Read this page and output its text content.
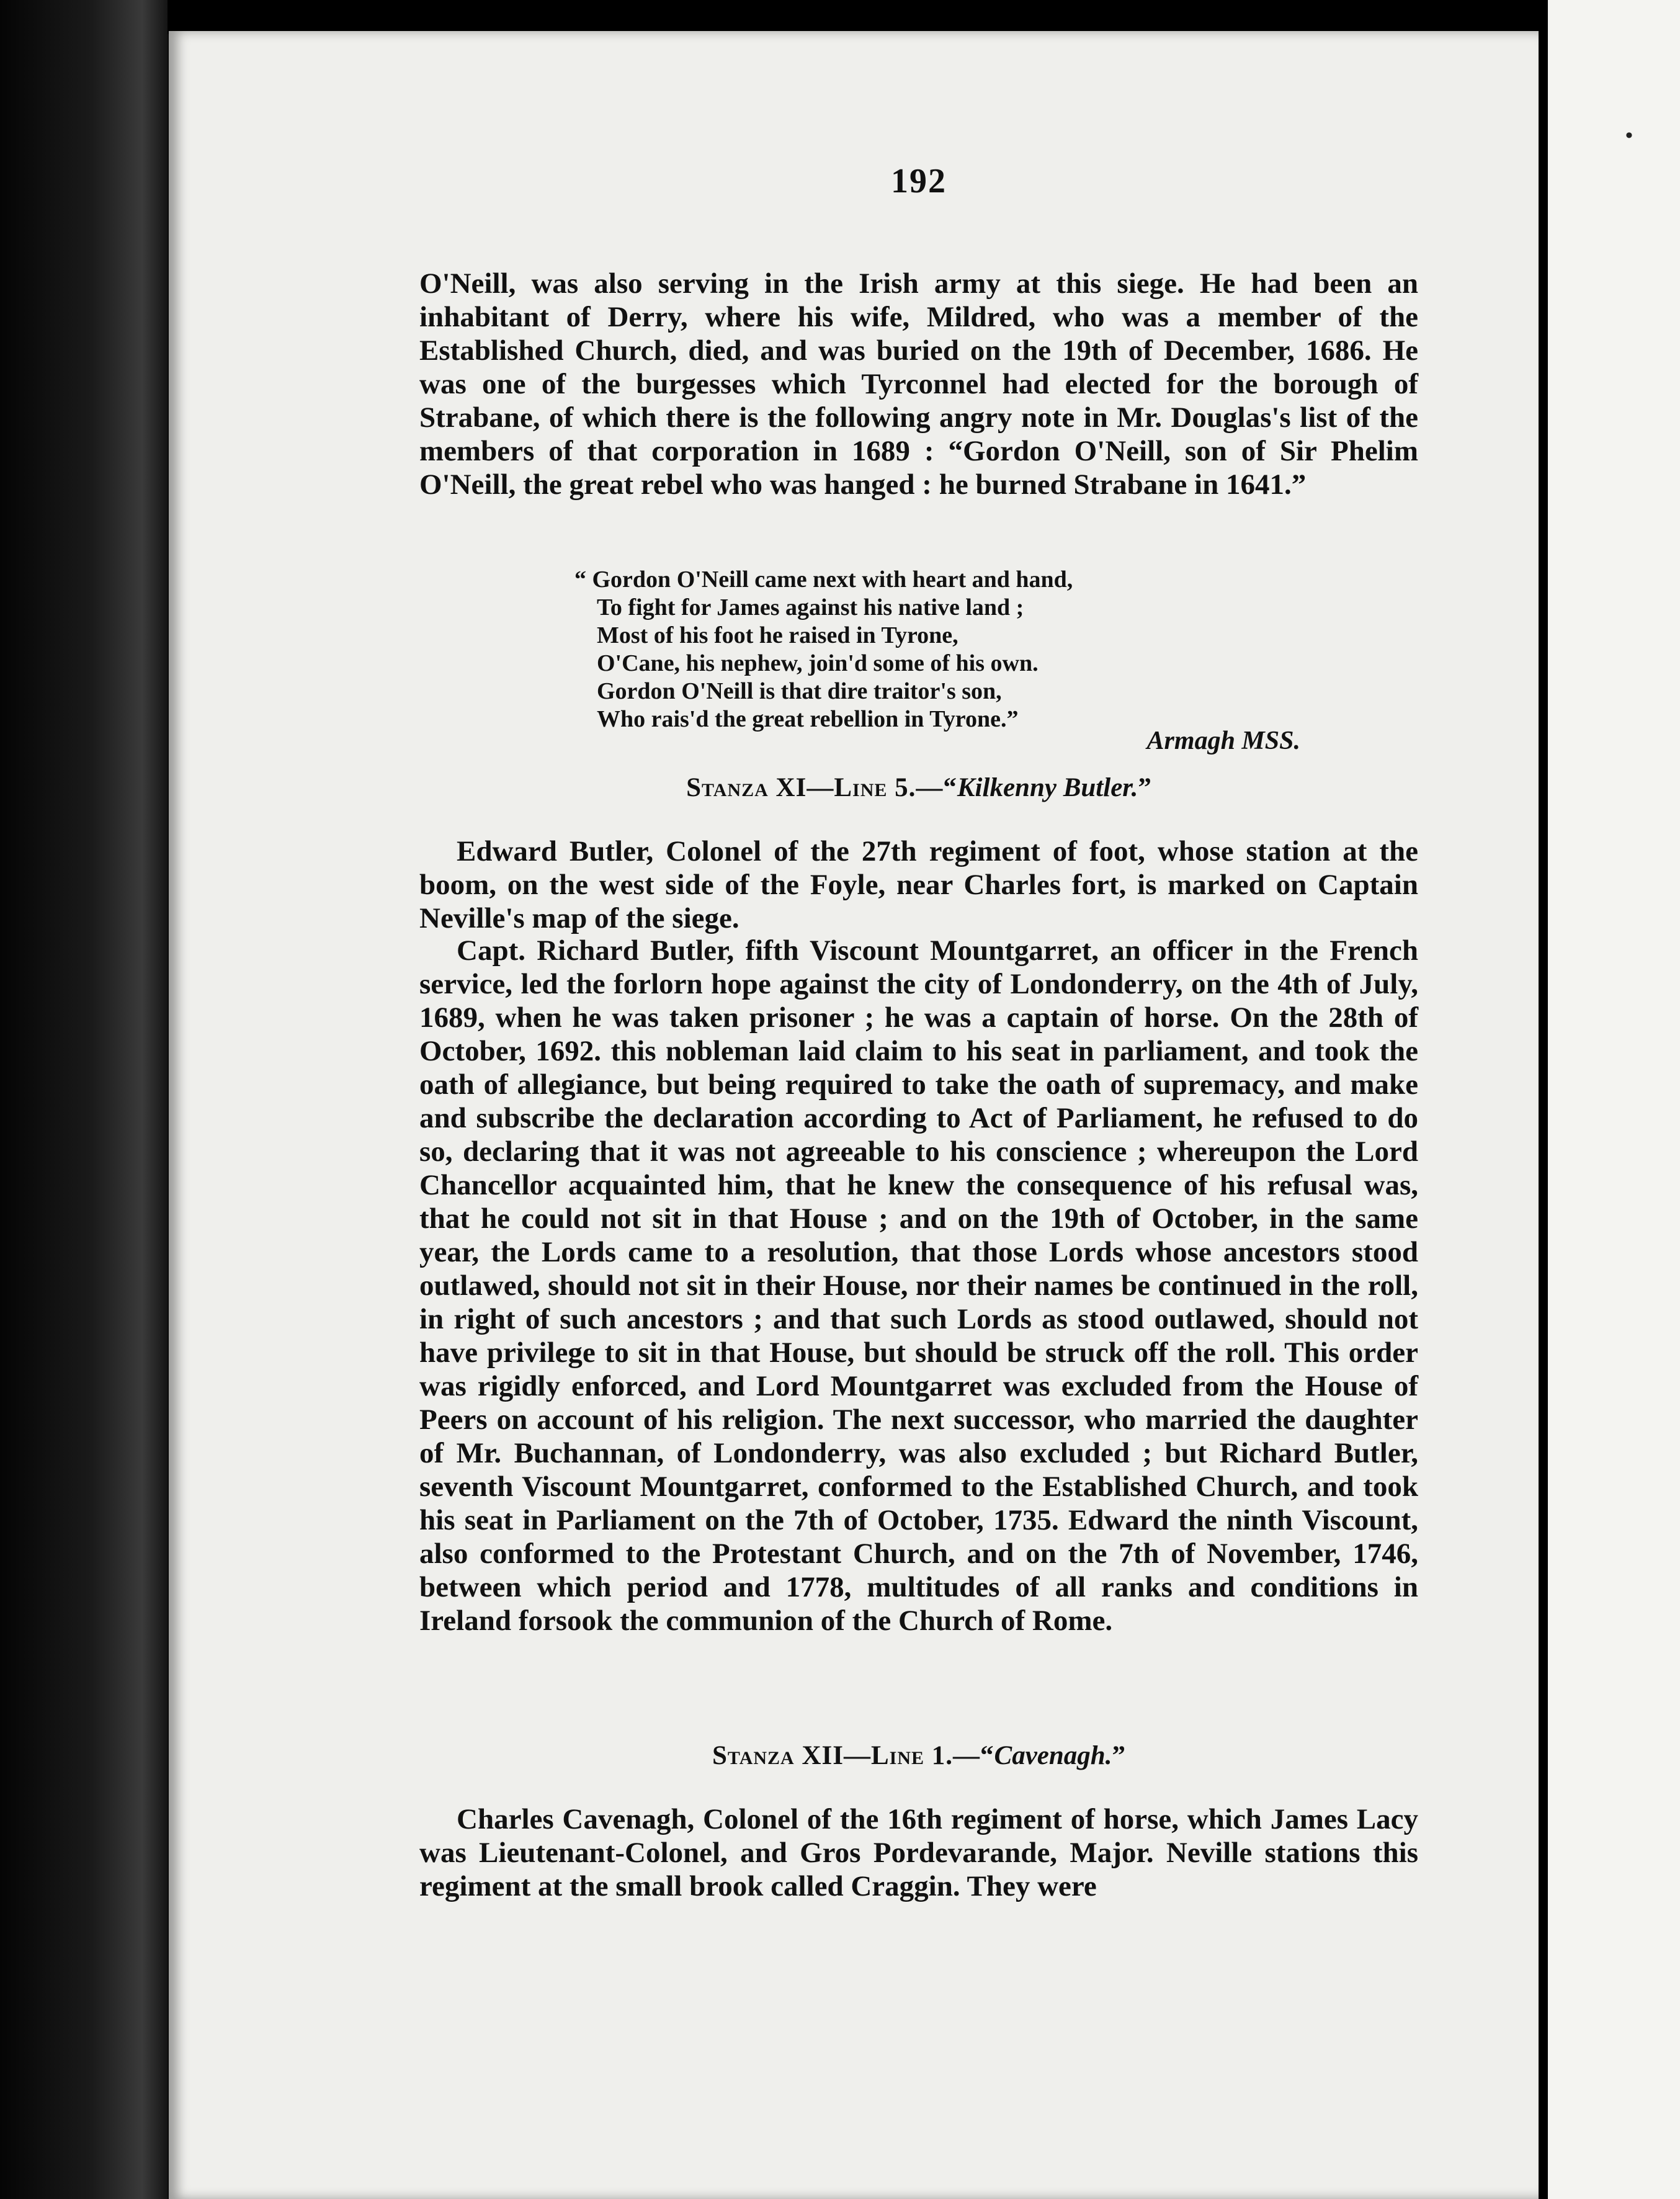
•
192

O'Neill, was also serving in the Irish army at this siege. He had been an inhabitant of Derry, where his wife, Mildred, who was a member of the Established Church, died, and was buried on the 19th of December, 1686. He was one of the burgesses which Tyrconnel had elected for the borough of Strabane, of which there is the following angry note in Mr. Douglas's list of the members of that corporation in 1689 : “Gordon O'Neill, son of Sir Phelim O'Neill, the great rebel who was hanged : he burned Strabane in 1641.”

“ Gordon O'Neill came next with heart and hand,
To fight for James against his native land ;
Most of his foot he raised in Tyrone,
O'Cane, his nephew, join'd some of his own.
Gordon O'Neill is that dire traitor's son,
Who rais'd the great rebellion in Tyrone.”
Armagh MSS.
Stanza XI—Line 5.—“Kilkenny Butler.”

Edward Butler, Colonel of the 27th regiment of foot, whose station at the boom, on the west side of the Foyle, near Charles fort, is marked on Captain Neville's map of the siege.

Capt. Richard Butler, fifth Viscount Mountgarret, an officer in the French service, led the forlorn hope against the city of Londonderry, on the 4th of July, 1689, when he was taken prisoner ; he was a captain of horse. On the 28th of October, 1692. this nobleman laid claim to his seat in parliament, and took the oath of allegiance, but being required to take the oath of supremacy, and make and subscribe the declaration according to Act of Parliament, he refused to do so, declaring that it was not agreeable to his conscience ; whereupon the Lord Chancellor acquainted him, that he knew the consequence of his refusal was, that he could not sit in that House ; and on the 19th of October, in the same year, the Lords came to a resolution, that those Lords whose ancestors stood outlawed, should not sit in their House, nor their names be continued in the roll, in right of such ancestors ; and that such Lords as stood outlawed, should not have privilege to sit in that House, but should be struck off the roll. This order was rigidly enforced, and Lord Mountgarret was excluded from the House of Peers on account of his religion. The next successor, who married the daughter of Mr. Buchannan, of Londonderry, was also excluded ; but Richard Butler, seventh Viscount Mountgarret, conformed to the Established Church, and took his seat in Parliament on the 7th of October, 1735. Edward the ninth Viscount, also conformed to the Protestant Church, and on the 7th of November, 1746, between which period and 1778, multitudes of all ranks and conditions in Ireland forsook the communion of the Church of Rome.

Stanza XII—Line 1.—“Cavenagh.”

Charles Cavenagh, Colonel of the 16th regiment of horse, which James Lacy was Lieutenant-Colonel, and Gros Pordevarande, Major. Neville stations this regiment at the small brook called Craggin. They were
